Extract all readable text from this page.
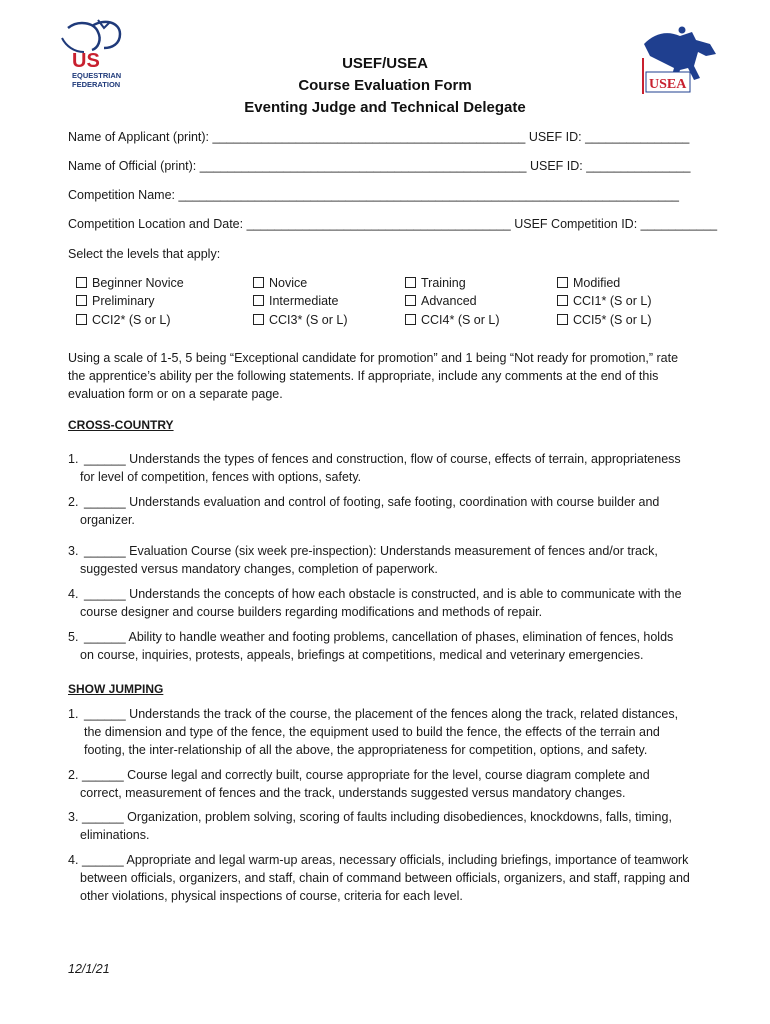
US
EQUESTRIAN
FEDERATION	USEA
USEF/USEA
Course Evaluation Form
Eventing Judge and Technical Delegate
Name of Applicant (print): _____________________________________________ USEF ID: _______________
Name of Official (print): _______________________________________________ USEF ID: _______________
Competition Name: ________________________________________________________________________
Competition Location and Date: ______________________________________ USEF Competition ID: ___________
Select the levels that apply:
Beginner Novice
Preliminary
CCI2* (S or L)
Novice
Intermediate
CCI3* (S or L)
Training
Advanced
CCI4* (S or L)
Modified
CCI1* (S or L)
CCI5* (S or L)
Using a scale of 1-5, 5 being “Exceptional candidate for promotion” and 1 being “Not ready for promotion,” rate
the apprentice’s ability per the following statements. If appropriate, include any comments at the end of this
evaluation form or on a separate page.
CROSS-COUNTRY
1. ______ Understands the types of fences and construction, flow of course, effects of terrain, appropriateness
for level of competition, fences with options, safety.
2. ______ Understands evaluation and control of footing, safe footing, coordination with course builder and
organizer.
3. ______ Evaluation Course (six week pre-inspection): Understands measurement of fences and/or track,
suggested versus mandatory changes, completion of paperwork.
4. ______ Understands the concepts of how each obstacle is constructed, and is able to communicate with the
course designer and course builders regarding modifications and methods of repair.
5. ______ Ability to handle weather and footing problems, cancellation of phases, elimination of fences, holds
on course, inquiries, protests, appeals, briefings at competitions, medical and veterinary emergencies.
SHOW JUMPING
1. ______ Understands the track of the course, the placement of the fences along the track, related distances,
the dimension and type of the fence, the equipment used to build the fence, the effects of the terrain and
footing, the inter-relationship of all the above, the appropriateness for competition, options, and safety.
2. ______ Course legal and correctly built, course appropriate for the level, course diagram complete and
correct, measurement of fences and the track, understands suggested versus mandatory changes.
3. ______ Organization, problem solving, scoring of faults including disobediences, knockdowns, falls, timing,
eliminations.
4. ______ Appropriate and legal warm-up areas, necessary officials, including briefings, importance of teamwork
between officials, organizers, and staff, chain of command between officials, organizers, and staff, rapping and
other violations, physical inspections of course, criteria for each level.
12/1/21
